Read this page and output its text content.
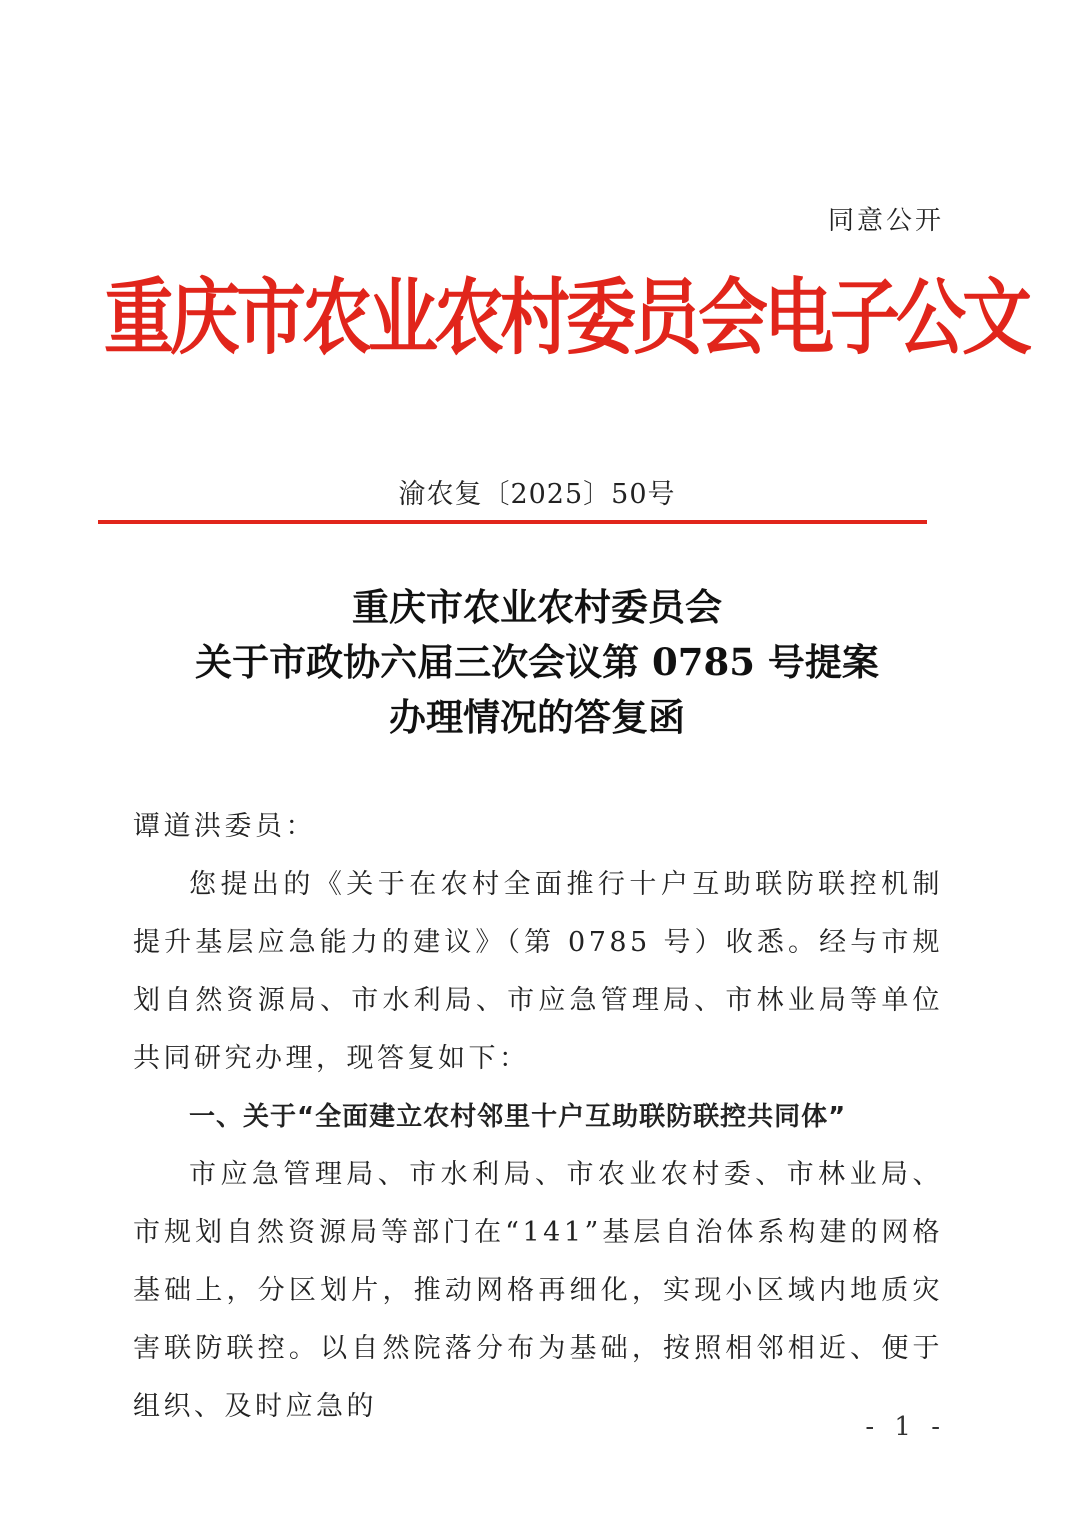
同意公开
重庆市农业农村委员会电子公文
渝农复〔2025〕50号
重庆市农业农村委员会
关于市政协六届三次会议第 0785 号提案
办理情况的答复函

谭道洪委员：

您提出的《关于在农村全面推行十户互助联防联控机制提升基层应急能力的建议》（第 0785 号）收悉。经与市规划自然资源局、市水利局、市应急管理局、市林业局等单位共同研究办理，现答复如下：

一、关于“全面建立农村邻里十户互助联防联控共同体”

市应急管理局、市水利局、市农业农村委、市林业局、市规划自然资源局等部门在“141”基层自治体系构建的网格基础上，分区划片，推动网格再细化，实现小区域内地质灾害联防联控。以自然院落分布为基础，按照相邻相近、便于组织、及时应急的

- 1 -
